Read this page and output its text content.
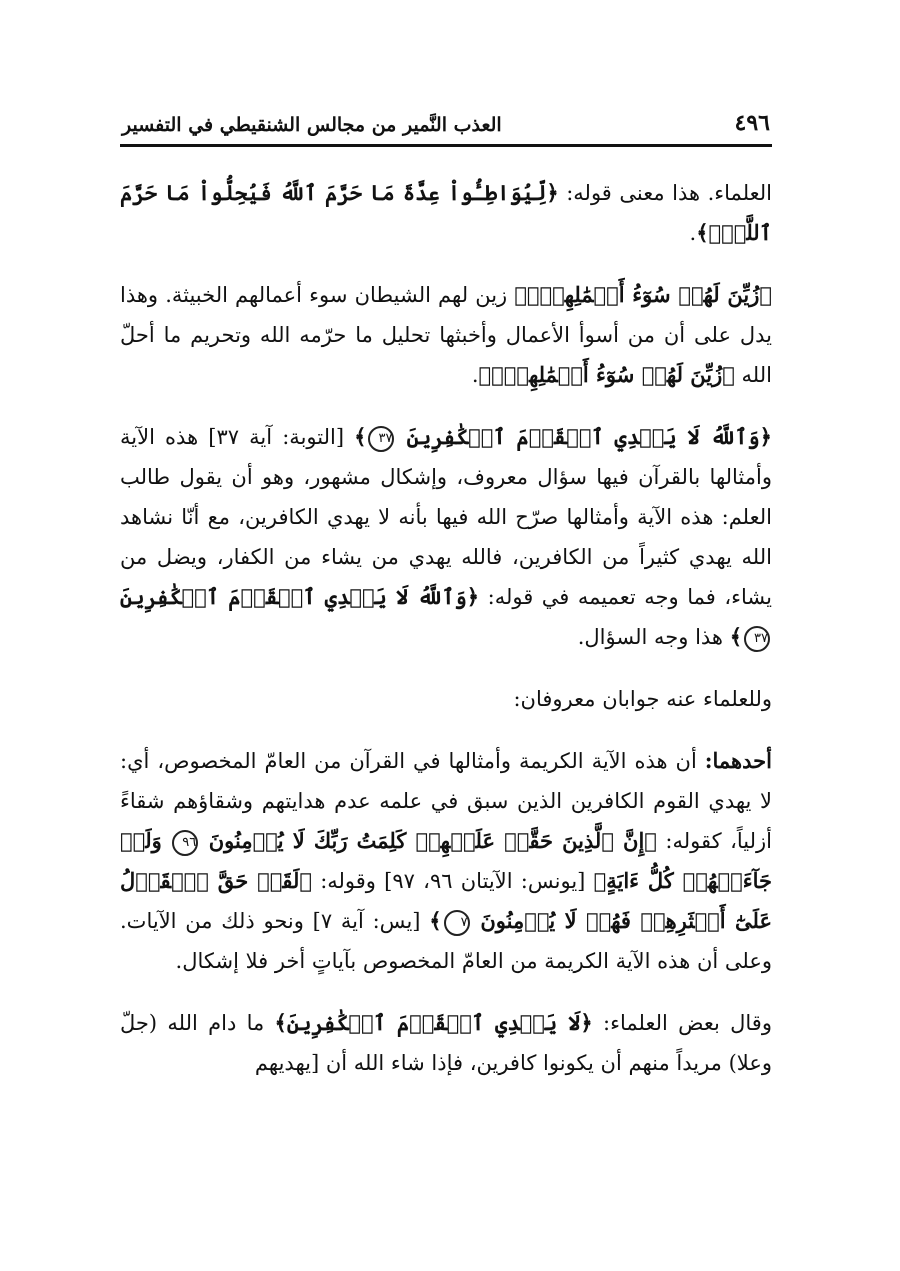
٤٩٦
العذب النَّمير من مجالس الشنقيطي في التفسير

العلماء. هذا معنى قوله: ﴿لِّيُوَاطِـُٔواْ عِدَّةَ مَا حَرَّمَ ٱللَّهُ فَيُحِلُّواْ مَا حَرَّمَ ٱللَّهُۚ﴾.

﴿زُيِّنَ لَهُمۡ سُوٓءُ أَعۡمَٰلِهِمۡۗ﴾ زين لهم الشيطان سوء أعمالهم الخبيثة. وهذا يدل على أن من أسوأ الأعمال وأخبثها تحليل ما حرّمه الله وتحريم ما أحلّ الله ﴿زُيِّنَ لَهُمۡ سُوٓءُ أَعۡمَٰلِهِمۡۗ﴾.

﴿وَٱللَّهُ لَا يَهۡدِي ٱلۡقَوۡمَ ٱلۡكَٰفِرِينَ ٣٧﴾ [التوبة: آية ٣٧] هذه الآية وأمثالها بالقرآن فيها سؤال معروف، وإشكال مشهور، وهو أن يقول طالب العلم: هذه الآية وأمثالها صرّح الله فيها بأنه لا يهدي الكافرين، مع أنّا نشاهد الله يهدي كثيراً من الكافرين، فالله يهدي من يشاء من الكفار، ويضل من يشاء، فما وجه تعميمه في قوله: ﴿وَٱللَّهُ لَا يَهۡدِي ٱلۡقَوۡمَ ٱلۡكَٰفِرِينَ ٣٧﴾ هذا وجه السؤال.

وللعلماء عنه جوابان معروفان:

أحدهما: أن هذه الآية الكريمة وأمثالها في القرآن من العامّ المخصوص، أي: لا يهدي القوم الكافرين الذين سبق في علمه عدم هدايتهم وشقاؤهم شقاءً أزلياً، كقوله: ﴿إِنَّ ٱلَّذِينَ حَقَّتۡ عَلَيۡهِمۡ كَلِمَتُ رَبِّكَ لَا يُؤۡمِنُونَ ٩٦ وَلَوۡ جَآءَتۡهُمۡ كُلُّ ءَايَةٍ﴾ [يونس: الآيتان ٩٦، ٩٧] وقوله: ﴿لَقَدۡ حَقَّ ٱلۡقَوۡلُ عَلَىٰٓ أَكۡثَرِهِمۡ فَهُمۡ لَا يُؤۡمِنُونَ ٧﴾ [يس: آية ٧] ونحو ذلك من الآيات. وعلى أن هذه الآية الكريمة من العامّ المخصوص بآياتٍ أخر فلا إشكال.

وقال بعض العلماء: ﴿لَا يَهۡدِي ٱلۡقَوۡمَ ٱلۡكَٰفِرِينَ﴾ ما دام الله (جلّ وعلا) مريداً منهم أن يكونوا كافرين، فإذا شاء الله أن [يهديهم
